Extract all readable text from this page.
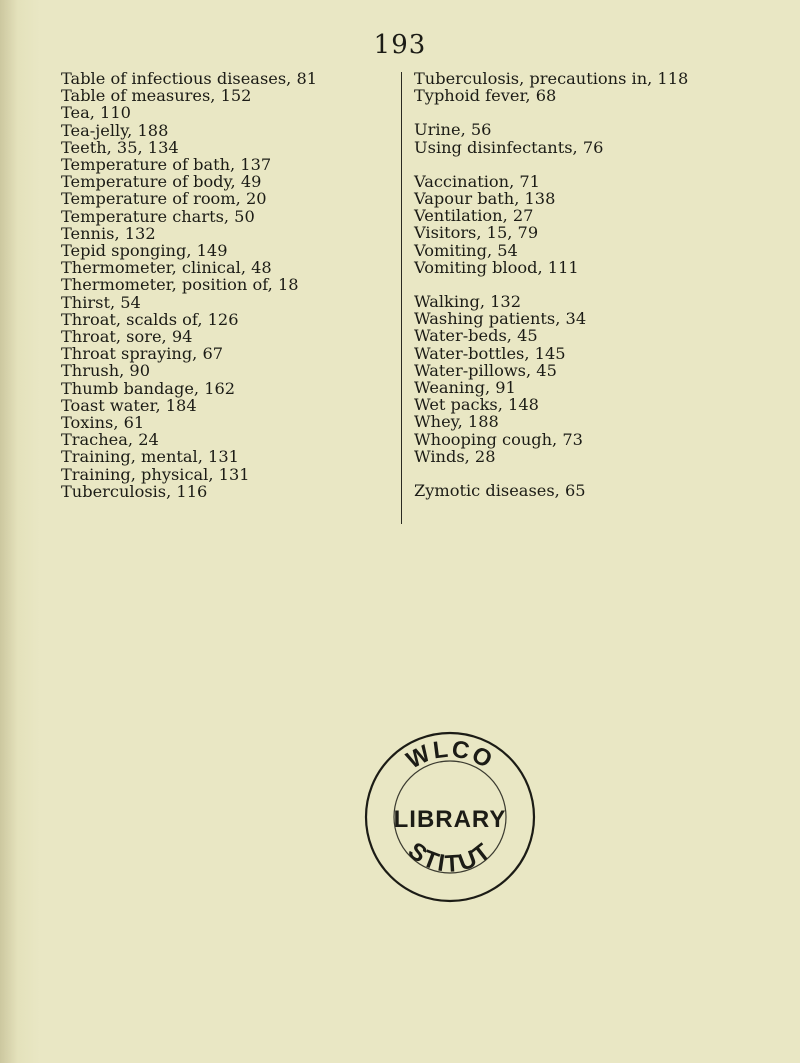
193
Table of infectious diseases, 81
Table of measures, 152
Tea, 110
Tea-jelly, 188
Teeth, 35, 134
Temperature of bath, 137
Temperature of body, 49
Temperature of room, 20
Temperature charts, 50
Tennis, 132
Tepid sponging, 149
Thermometer, clinical, 48
Thermometer, position of, 18
Thirst, 54
Throat, scalds of, 126
Throat, sore, 94
Throat spraying, 67
Thrush, 90
Thumb bandage, 162
Toast water, 184
Toxins, 61
Trachea, 24
Training, mental, 131
Training, physical, 131
Tuberculosis, 116
Tuberculosis, precautions in, 118
Typhoid fever, 68
Urine, 56
Using disinfectants, 76
Vaccination, 71
Vapour bath, 138
Ventilation, 27
Visitors, 15, 79
Vomiting, 54
Vomiting blood, 111
Walking, 132
Washing patients, 34
Water-beds, 45
Water-bottles, 145
Water-pillows, 45
Weaning, 91
Wet packs, 148
Whey, 188
Whooping cough, 73
Winds, 28
Zymotic diseases, 65
WLCO
LIBRARY
STITUT
